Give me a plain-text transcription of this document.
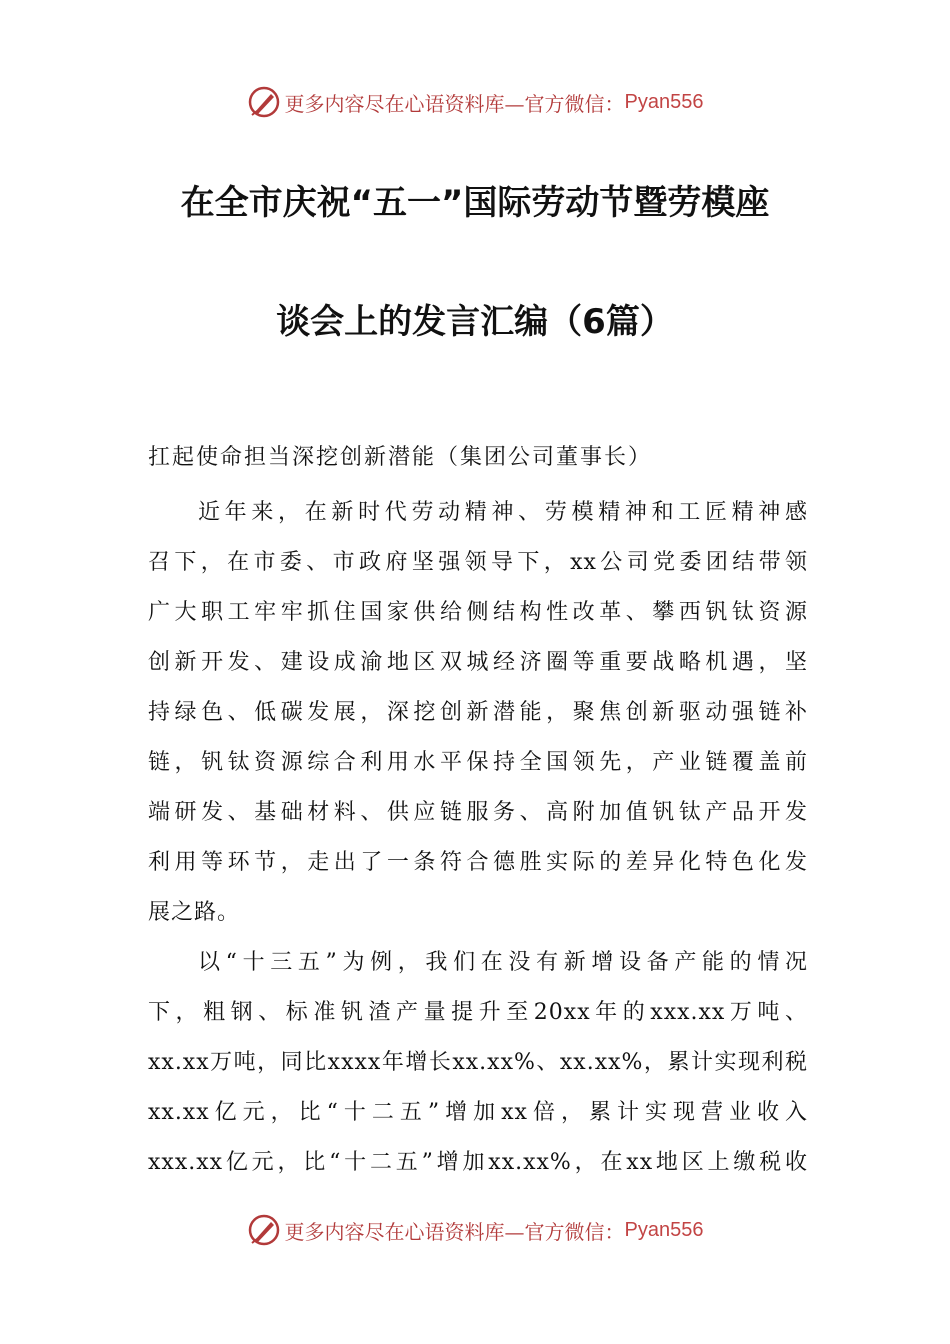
更多内容尽在心语资料库—官方微信： Pyan556
在全市庆祝“五一”国际劳动节暨劳模座
谈会上的发言汇编（6篇）
扛起使命担当深挖创新潜能（集团公司董事长）
近年来，在新时代劳动精神、劳模精神和工匠精神感
召下，在市委、市政府坚强领导下，xx公司党委团结带领
广大职工牢牢抓住国家供给侧结构性改革、攀西钒钛资源
创新开发、建设成渝地区双城经济圈等重要战略机遇，坚
持绿色、低碳发展，深挖创新潜能，聚焦创新驱动强链补
链，钒钛资源综合利用水平保持全国领先，产业链覆盖前
端研发、基础材料、供应链服务、高附加值钒钛产品开发
利用等环节，走出了一条符合德胜实际的差异化特色化发
展之路。
以“十三五”为例，我们在没有新增设备产能的情况
下，粗钢、标准钒渣产量提升至20xx年的xxx.xx万吨、
xx.xx万吨，同比xxxx年增长xx.xx%、xx.xx%，累计实现利税
xx.xx亿元，比“十二五”增加xx倍，累计实现营业收入
xxx.xx亿元，比“十二五”增加xx.xx%，在xx地区上缴税收
更多内容尽在心语资料库—官方微信： Pyan556
